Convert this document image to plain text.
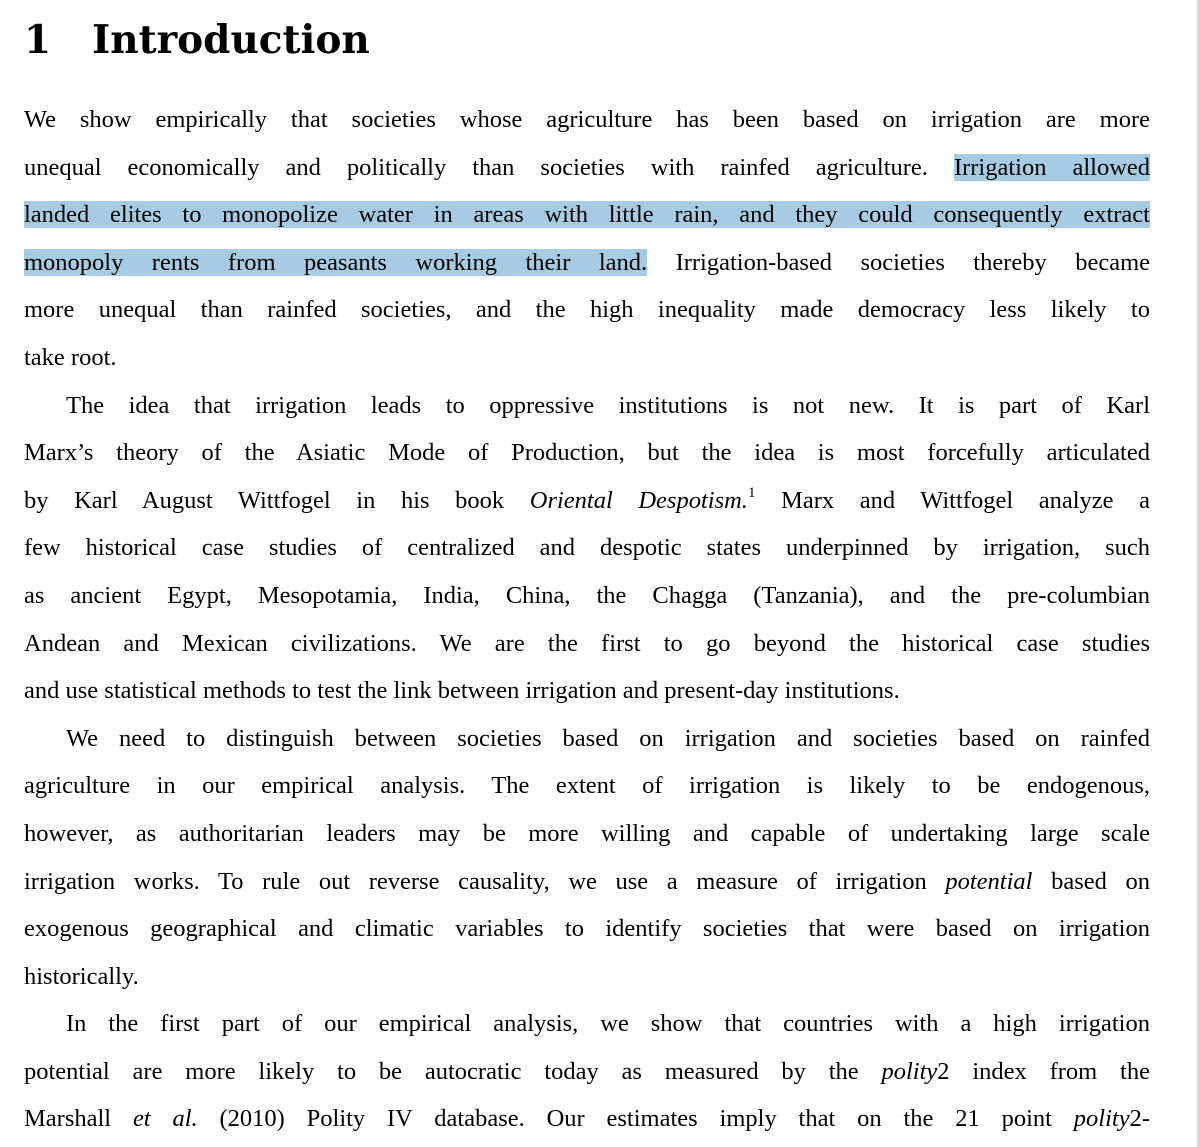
1 Introduction
We show empirically that societies whose agriculture has been based on irrigation are more
unequal economically and politically than societies with rainfed agriculture. Irrigation allowed
landed elites to monopolize water in areas with little rain, and they could consequently extract
monopoly rents from peasants working their land. Irrigation-based societies thereby became
more unequal than rainfed societies, and the high inequality made democracy less likely to
take root.
The idea that irrigation leads to oppressive institutions is not new. It is part of Karl
Marx’s theory of the Asiatic Mode of Production, but the idea is most forcefully articulated
by Karl August Wittfogel in his book Oriental Despotism.$^1$ Marx and Wittfogel analyze a
few historical case studies of centralized and despotic states underpinned by irrigation, such
as ancient Egypt, Mesopotamia, India, China, the Chagga (Tanzania), and the pre-columbian
Andean and Mexican civilizations. We are the first to go beyond the historical case studies
and use statistical methods to test the link between irrigation and present-day institutions.
We need to distinguish between societies based on irrigation and societies based on rainfed
agriculture in our empirical analysis. The extent of irrigation is likely to be endogenous,
however, as authoritarian leaders may be more willing and capable of undertaking large scale
irrigation works. To rule out reverse causality, we use a measure of irrigation potential based on
exogenous geographical and climatic variables to identify societies that were based on irrigation
historically.
In the first part of our empirical analysis, we show that countries with a high irrigation
potential are more likely to be autocratic today as measured by the polity2 index from the
Marshall et al. (2010) Polity IV database. Our estimates imply that on the 21 point polity2-
